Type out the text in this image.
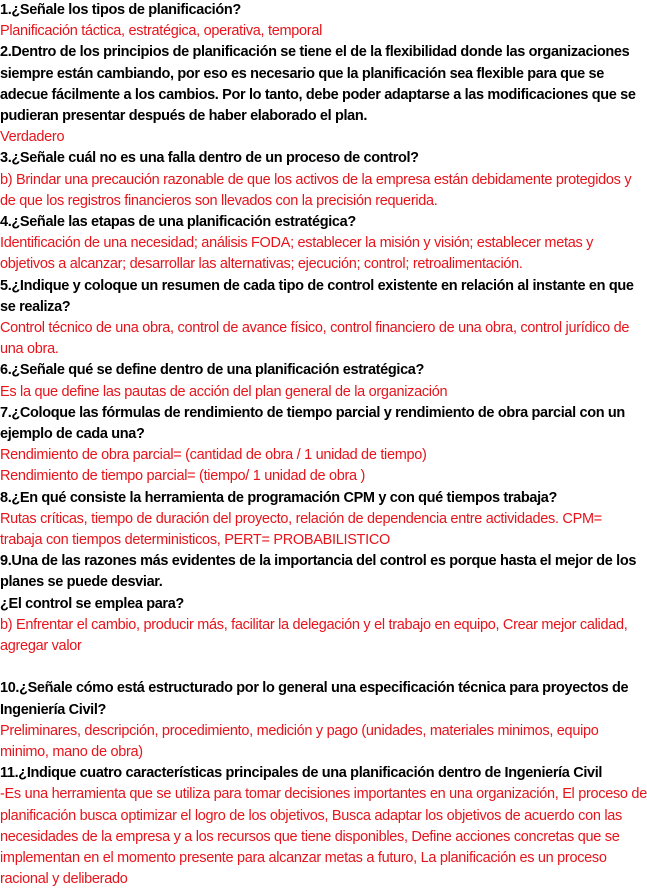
1.¿Señale los tipos de planificación?

Planificación táctica, estratégica, operativa, temporal

2.Dentro de los principios de planificación se tiene el de la flexibilidad donde las organizaciones siempre están cambiando, por eso es necesario que la planificación sea flexible para que se adecue fácilmente a los cambios. Por lo tanto, debe poder adaptarse a las modificaciones que se pudieran presentar después de haber elaborado el plan.

Verdadero

3.¿Señale cuál no es una falla dentro de un proceso de control?

b) Brindar una precaución razonable de que los activos de la empresa están debidamente protegidos y de que los registros financieros son llevados con la precisión requerida.

4.¿Señale las etapas de una planificación estratégica?

Identificación de una necesidad; análisis FODA; establecer la misión y visión; establecer metas y objetivos a alcanzar; desarrollar las alternativas; ejecución; control; retroalimentación.

5.¿Indique y coloque un resumen de cada tipo de control existente en relación al instante en que se realiza?

Control técnico de una obra, control de avance físico, control financiero de una obra, control jurídico de una obra.

6.¿Señale qué se define dentro de una planificación estratégica?

Es la que define las pautas de acción del plan general de la organización

7.¿Coloque las fórmulas de rendimiento de tiempo parcial y rendimiento de obra parcial con un ejemplo de cada una?

Rendimiento de obra parcial= (cantidad de obra / 1 unidad de tiempo)

Rendimiento de tiempo parcial= (tiempo/ 1 unidad de obra )

8.¿En qué consiste la herramienta de programación CPM y con qué tiempos trabaja?

Rutas críticas, tiempo de duración del proyecto, relación de dependencia entre actividades. CPM= trabaja con tiempos deterministicos, PERT= PROBABILISTICO

9.Una de las razones más evidentes de la importancia del control es porque hasta el mejor de los planes se puede desviar.

¿El control se emplea para?

b) Enfrentar el cambio, producir más, facilitar la delegación y el trabajo en equipo, Crear mejor calidad, agregar valor

10.¿Señale cómo está estructurado por lo general una especificación técnica para proyectos de Ingeniería Civil?

Preliminares, descripción, procedimiento, medición y pago (unidades, materiales minimos, equipo minimo, mano de obra)

11.¿Indique cuatro características principales de una planificación dentro de Ingeniería Civil

-Es una herramienta que se utiliza para tomar decisiones importantes en una organización, El proceso de planificación busca optimizar el logro de los objetivos, Busca adaptar los objetivos de acuerdo con las necesidades de la empresa y a los recursos que tiene disponibles, Define acciones concretas que se implementan en el momento presente para alcanzar metas a futuro, La planificación es un proceso racional y deliberado
